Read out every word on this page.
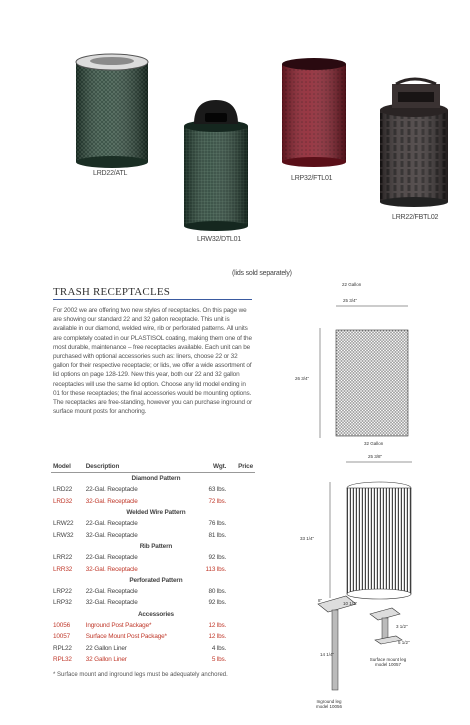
LRD22/ATL
LRW32/DTL01
LRP32/FTL01
LRR22/FBTL02
(lids sold separately)
TRASH RECEPTACLES
For 2002 we are offering two new styles of receptacles. On this page we are showing our standard 22 and 32 gallon receptacle. This unit is available in our diamond, welded wire, rib or perforated patterns. All units are completely coated in our PLASTISOL coating, making them one of the most durable, maintenance – free receptacles available. Each unit can be purchased with optional accessories such as: liners, choose 22 or 32 gallon for their respective receptacle; or lids, we offer a wide assortment of lid options on page 128-129. New this year, both our 22 and 32 gallon receptacles will use the same lid option. Choose any lid model ending in 01 for these receptacles; the final accessories would be mounting options. The receptacles are free-standing, however you can purchase inground or surface mount posts for anchoring.
Model	Description	Wgt.	Price
	Diamond Pattern		
LRD22	22-Gal. Receptacle	63 lbs.	
LRD32	32-Gal. Receptacle	72 lbs.	
	Welded Wire Pattern		
LRW22	22-Gal. Receptacle	76 lbs.	
LRW32	32-Gal. Receptacle	81 lbs.	
	Rib Pattern		
LRR22	22-Gal. Receptacle	92 lbs.	
LRR32	32-Gal. Receptacle	113 lbs.	
	Perforated Pattern		
LRP22	22-Gal. Receptacle	80 lbs.	
LRP32	32-Gal. Receptacle	92 lbs.	
	Accessories		
10056	Inground Post Package*	12 lbs.	
10057	Surface Mount Post Package*	12 lbs.	
RPL22	22 Gallon Liner	4 lbs.	
RPL32	32 Gallon Liner	5 lbs.	
* Surface mount and inground legs must be adequately anchored.
22 Gallon
25 3/4"
26 3/4"
32 Gallon
25 3/8"
33 1/4"
8"
10 1/2"
3 1/2"
14 1/4"
5 1/2"
Surface mount leg model 10057
Inground leg model 10056
